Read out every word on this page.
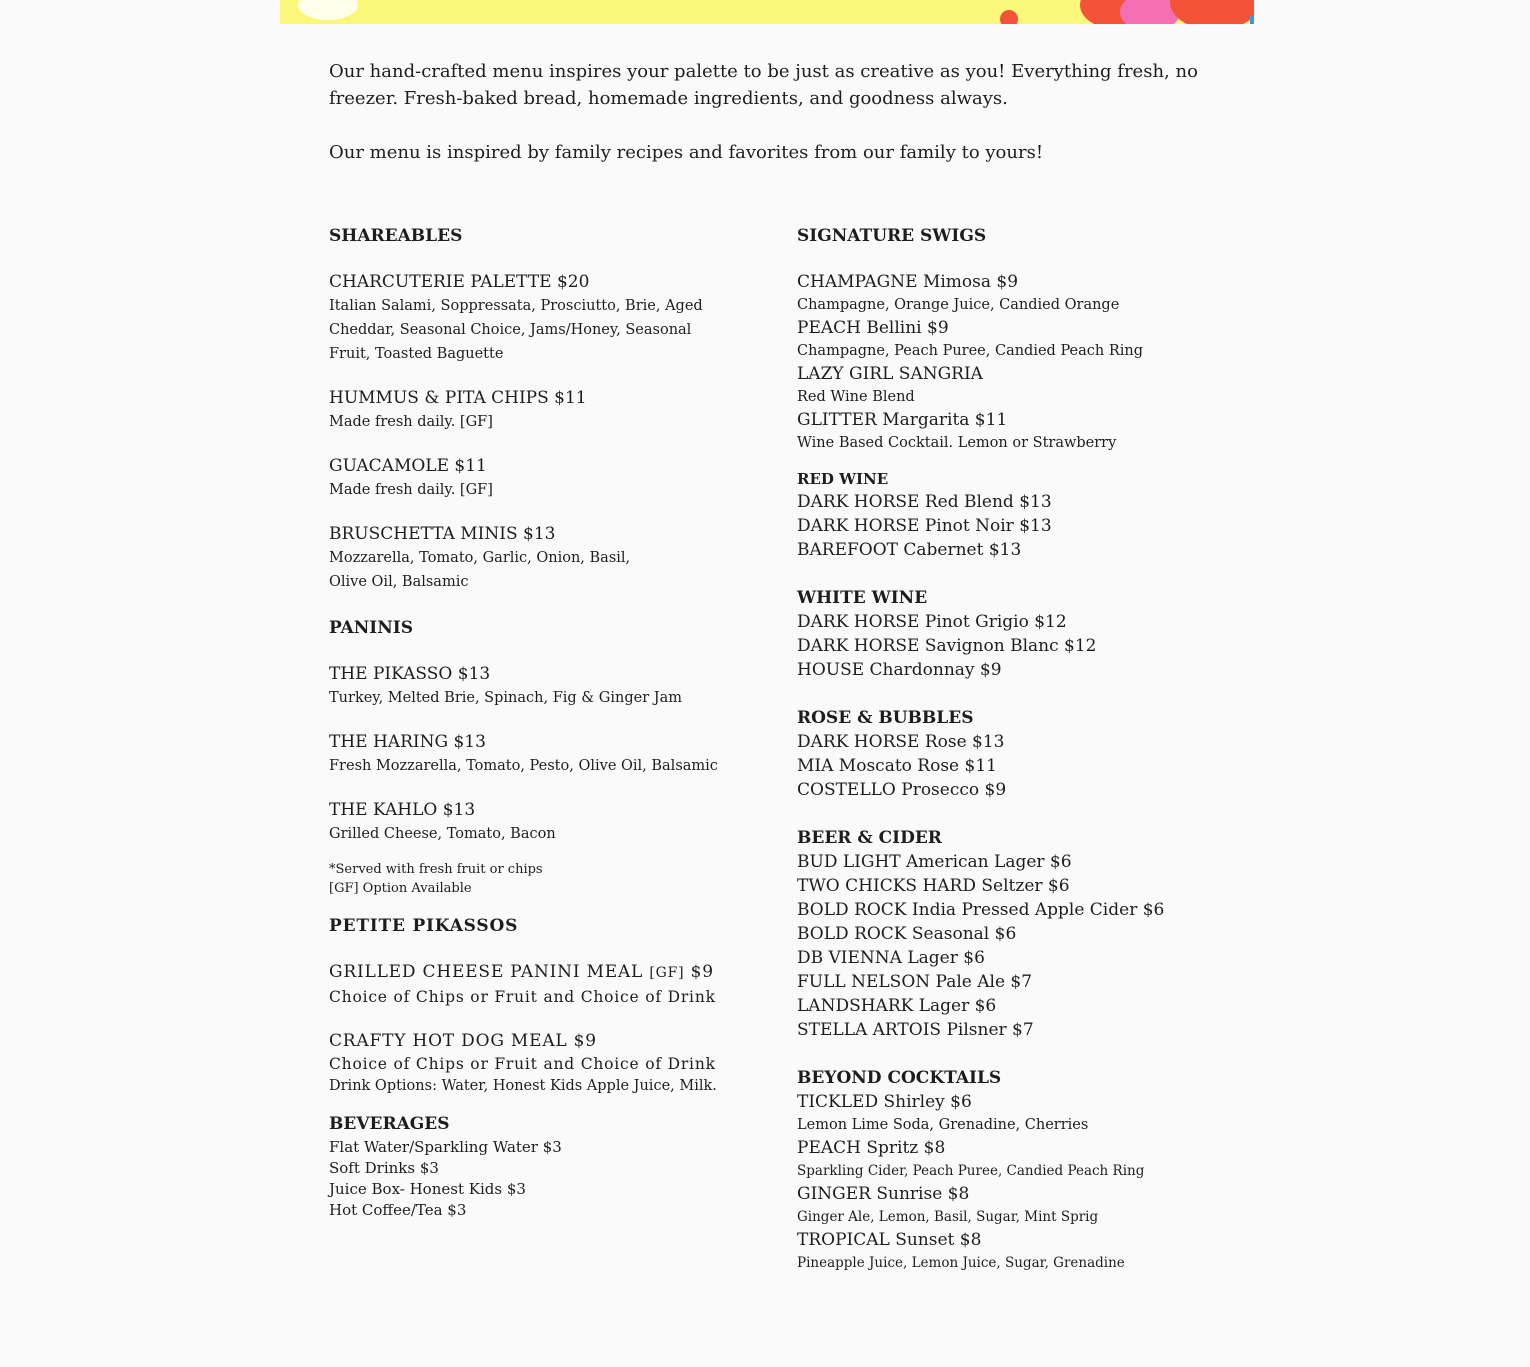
Our hand-crafted menu inspires your palette to be just as creative as you! Everything fresh, no freezer. Fresh-baked bread, homemade ingredients, and goodness always.

Our menu is inspired by family recipes and favorites from our family to yours!

SHAREABLES
CHARCUTERIE PALETTE $20
Italian Salami, Soppressata, Prosciutto, Brie, Aged Cheddar, Seasonal Choice, Jams/Honey, Seasonal Fruit, Toasted Baguette
HUMMUS & PITA CHIPS $11
Made fresh daily. [GF]
GUACAMOLE $11
Made fresh daily. [GF]
BRUSCHETTA MINIS $13
Mozzarella, Tomato, Garlic, Onion, Basil, Olive Oil, Balsamic
PANINIS
THE PIKASSO $13
Turkey, Melted Brie, Spinach, Fig & Ginger Jam
THE HARING $13
Fresh Mozzarella, Tomato, Pesto, Olive Oil, Balsamic
THE KAHLO $13
Grilled Cheese, Tomato, Bacon
*Served with fresh fruit or chips
[GF] Option Available
PETITE PIKASSOS
GRILLED CHEESE PANINI MEAL [GF] $9
Choice of Chips or Fruit and Choice of Drink
CRAFTY HOT DOG MEAL $9
Choice of Chips or Fruit and Choice of Drink
Drink Options: Water, Honest Kids Apple Juice, Milk.
BEVERAGES
Flat Water/Sparkling Water $3
Soft Drinks $3
Juice Box- Honest Kids $3
Hot Coffee/Tea $3
SIGNATURE SWIGS
CHAMPAGNE Mimosa $9
Champagne, Orange Juice, Candied Orange
PEACH Bellini $9
Champagne, Peach Puree, Candied Peach Ring
LAZY GIRL SANGRIA
Red Wine Blend
GLITTER Margarita $11
Wine Based Cocktail. Lemon or Strawberry
RED WINE
DARK HORSE Red Blend $13
DARK HORSE Pinot Noir $13
BAREFOOT Cabernet $13
WHITE WINE
DARK HORSE Pinot Grigio $12
DARK HORSE Savignon Blanc $12
HOUSE Chardonnay $9
ROSE & BUBBLES
DARK HORSE Rose $13
MIA Moscato Rose $11
COSTELLO Prosecco $9
BEER & CIDER
BUD LIGHT American Lager $6
TWO CHICKS HARD Seltzer $6
BOLD ROCK India Pressed Apple Cider $6
BOLD ROCK Seasonal $6
DB VIENNA Lager $6
FULL NELSON Pale Ale $7
LANDSHARK Lager $6
STELLA ARTOIS Pilsner $7
BEYOND COCKTAILS
TICKLED Shirley $6
Lemon Lime Soda, Grenadine, Cherries
PEACH Spritz $8
Sparkling Cider, Peach Puree, Candied Peach Ring
GINGER Sunrise $8
Ginger Ale, Lemon, Basil, Sugar, Mint Sprig
TROPICAL Sunset $8
Pineapple Juice, Lemon Juice, Sugar, Grenadine
